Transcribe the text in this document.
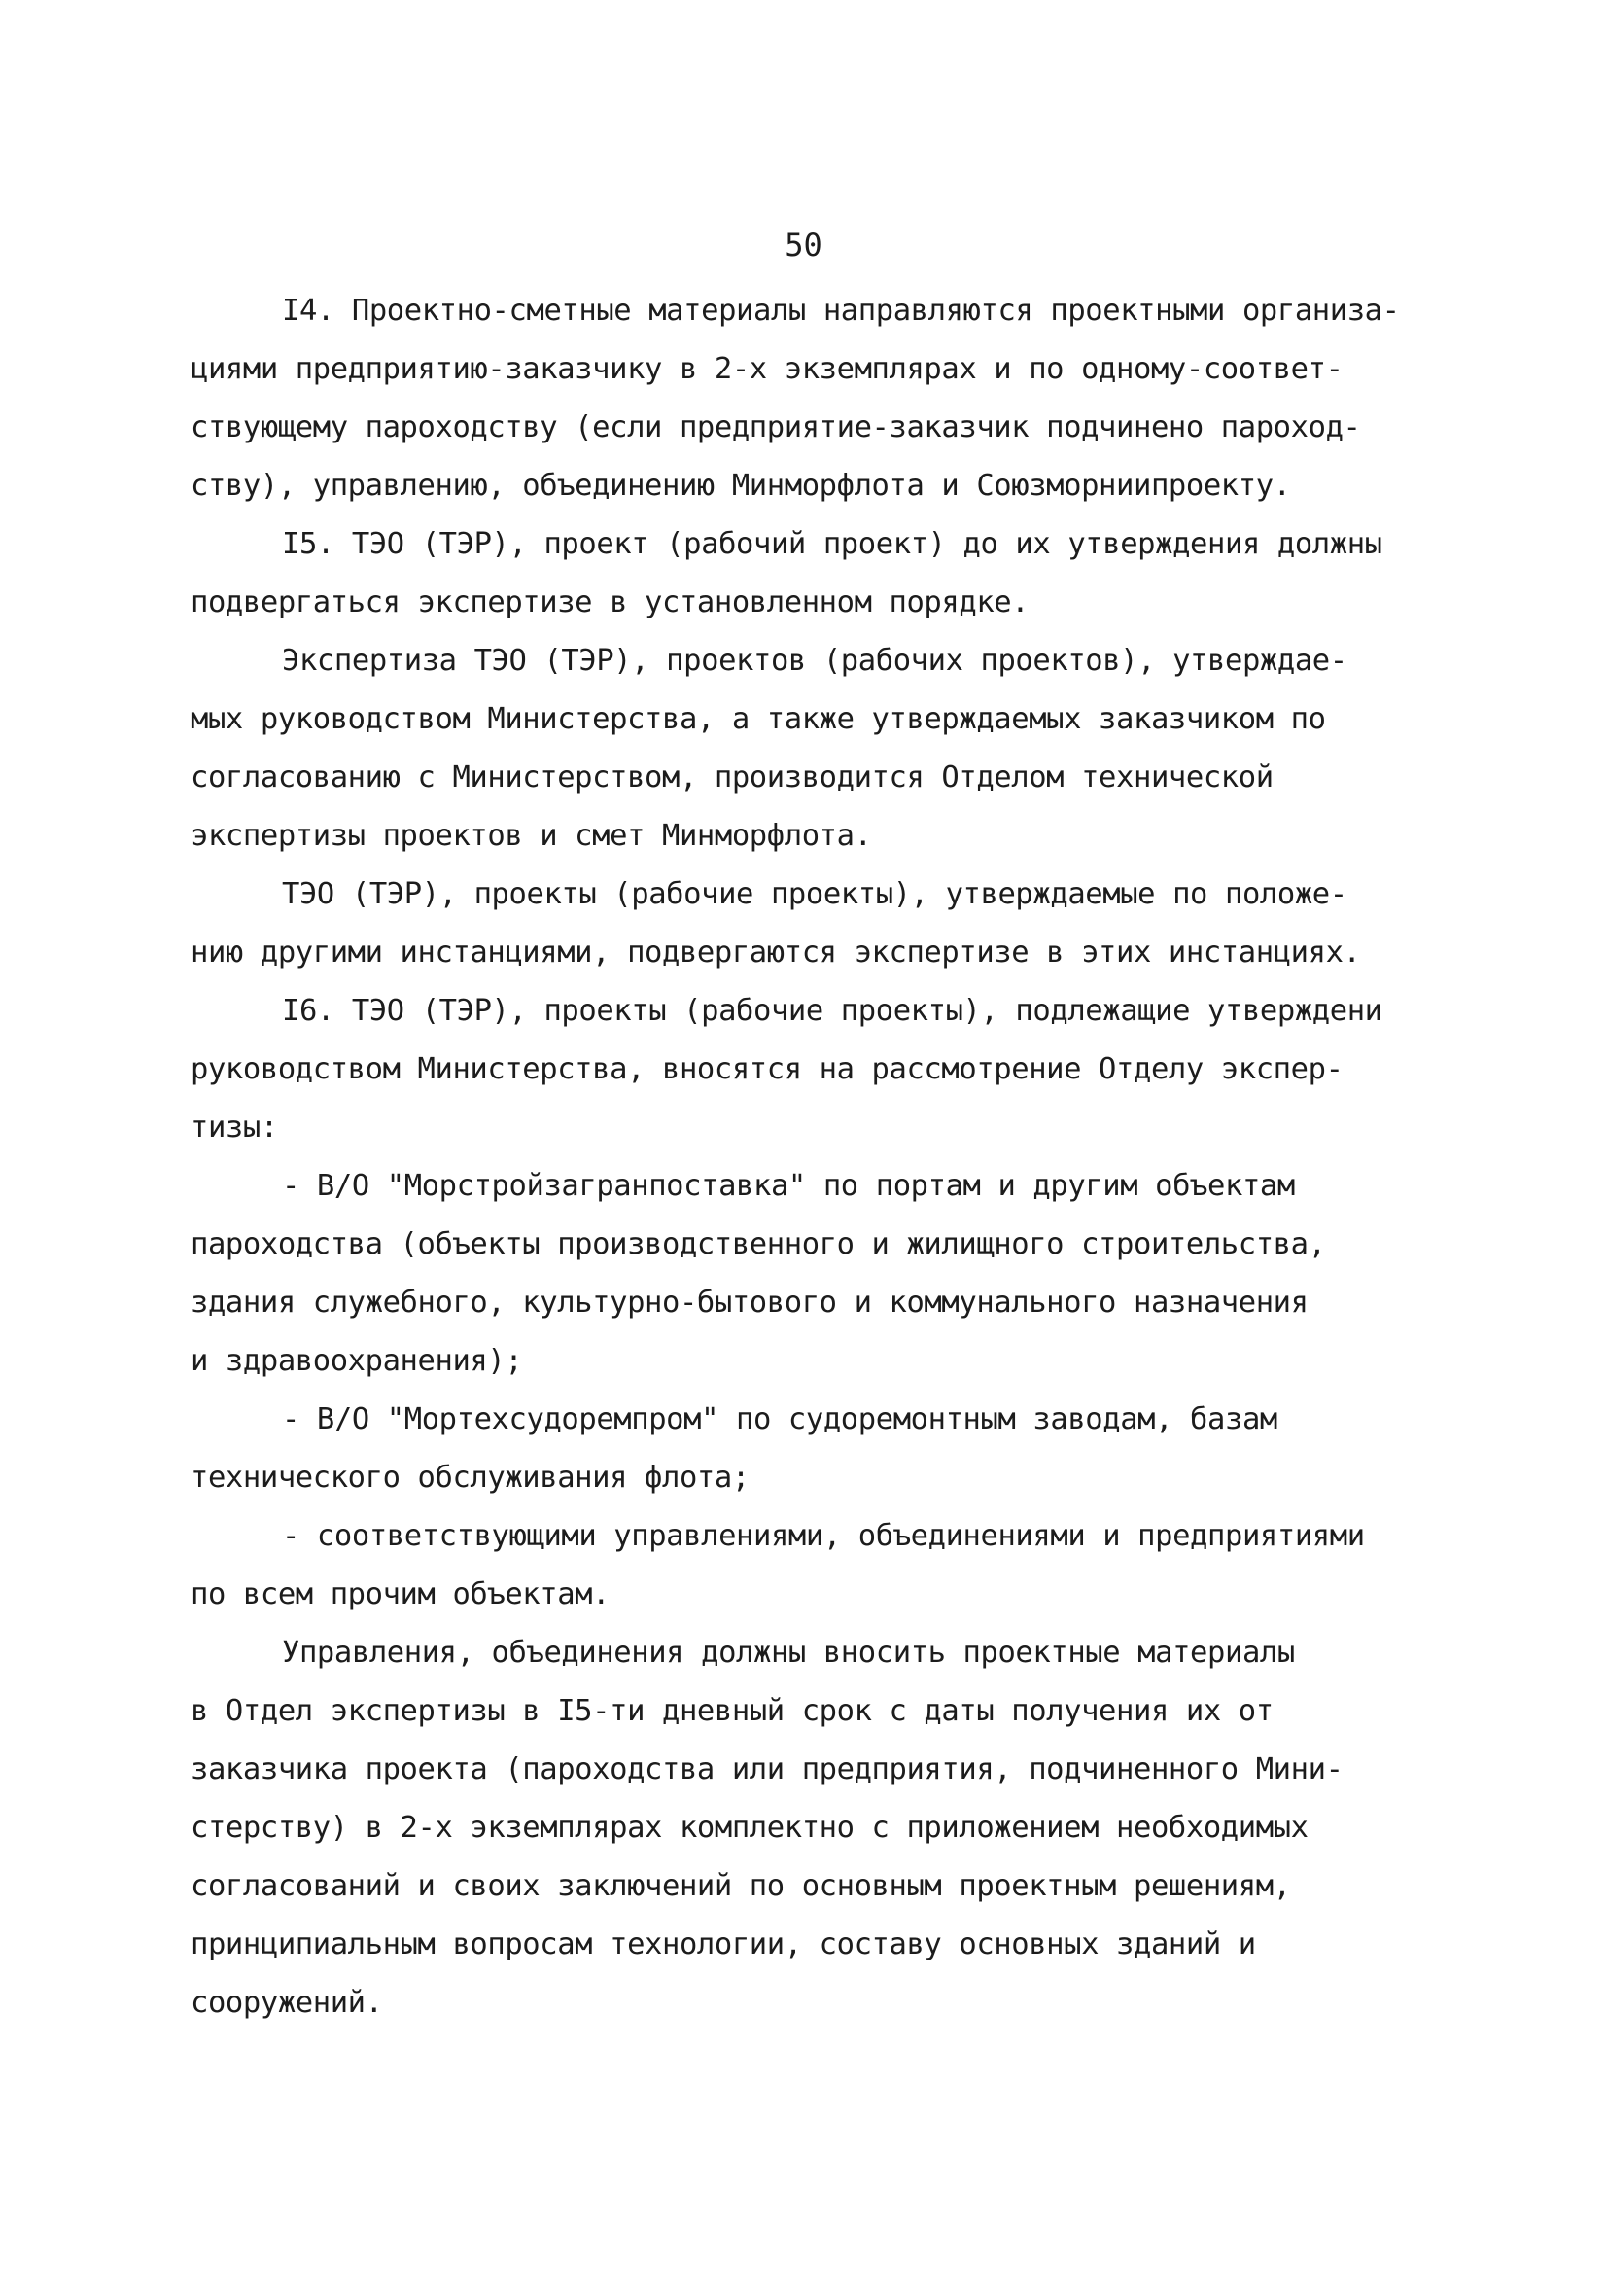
50
I4. Проектно-сметные материалы направляются проектными организа-
циями предприятию-заказчику в 2-х экземплярах и по одному-соответ-
ствующему пароходству (если предприятие-заказчик подчинено пароход-
ству), управлению, объединению Минморфлота и Союзморниипроекту.
I5. ТЭО (ТЭР), проект (рабочий проект) до их утверждения должны
подвергаться экспертизе в установленном порядке.
Экспертиза ТЭО (ТЭР), проектов (рабочих проектов), утверждае-
мых руководством Министерства, а также утверждаемых заказчиком по
согласованию с Министерством, производится Отделом технической
экспертизы проектов и смет Минморфлота.
ТЭО (ТЭР), проекты (рабочие проекты), утверждаемые по положе-
нию другими инстанциями, подвергаются экспертизе в этих инстанциях.
I6. ТЭО (ТЭР), проекты (рабочие проекты), подлежащие утверждени
руководством Министерства, вносятся на рассмотрение Отделу экспер-
тизы:
- В/О "Морстройзагранпоставка" по портам и другим объектам
пароходства (объекты производственного и жилищного строительства,
здания служебного, культурно-бытового и коммунального назначения
и здравоохранения);
- В/О "Мортехсудоремпром" по судоремонтным заводам, базам
технического обслуживания флота;
- соответствующими управлениями, объединениями и предприятиями
по всем прочим объектам.
Управления, объединения должны вносить проектные материалы
в Отдел экспертизы в I5-ти дневный срок с даты получения их от
заказчика проекта (пароходства или предприятия, подчиненного Мини-
стерству) в 2-х экземплярах комплектно с приложением необходимых
согласований и своих заключений по основным проектным решениям,
принципиальным вопросам технологии, составу основных зданий и
сооружений.
